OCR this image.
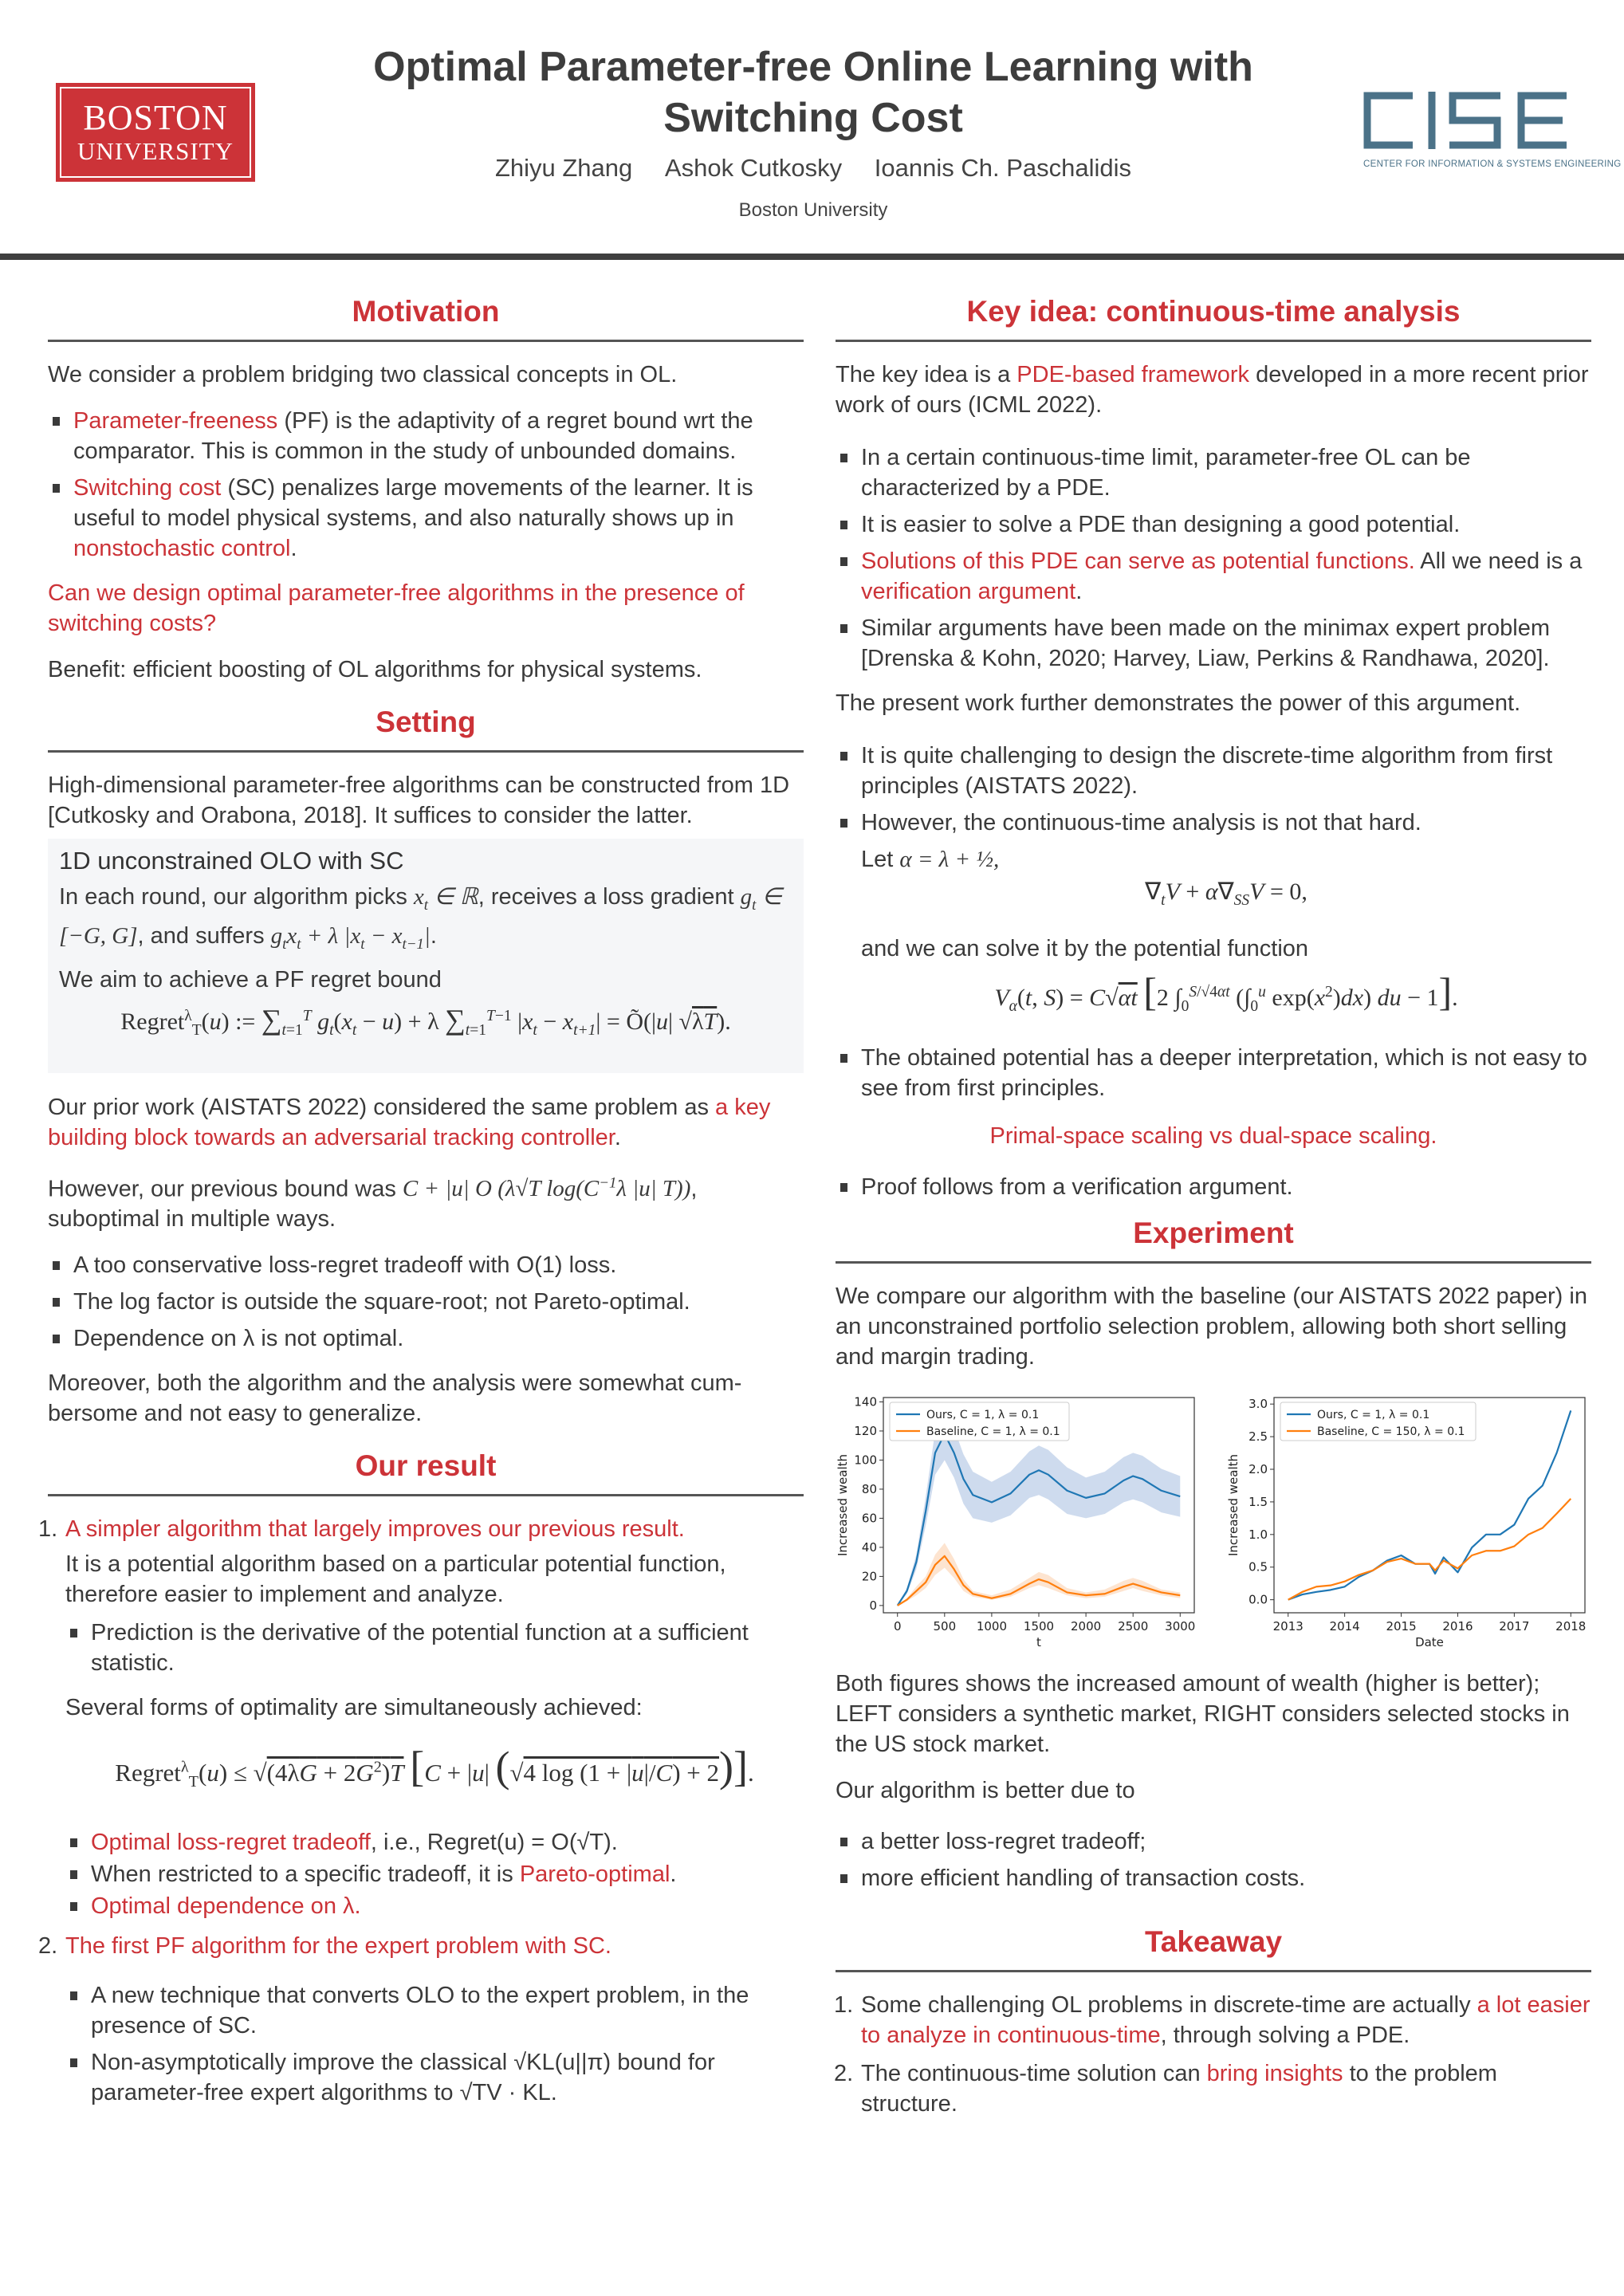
BOSTON
UNIVERSITY
Optimal Parameter-free Online Learning with
Switching Cost
Zhiyu Zhang Ashok Cutkosky Ioannis Ch. Paschalidis
Boston University
CENTER FOR INFORMATION & SYSTEMS ENGINEERING
Motivation

We consider a problem bridging two classical concepts in OL.

Parameter-freeness (PF) is the adaptivity of a regret bound wrt the comparator. This is common in the study of unbounded domains.
Switching cost (SC) penalizes large movements of the learner. It is useful to model physical systems, and also naturally shows up in nonstochastic control.

Can we design optimal parameter-free algorithms in the presence of switching costs?

Benefit: efficient boosting of OL algorithms for physical systems.

Setting

High-dimensional parameter-free algorithms can be constructed from 1D [Cutkosky and Orabona, 2018]. It suffices to consider the latter.

1D unconstrained OLO with SC

In each round, our algorithm picks $x_t$ ∈ ℝ, receives a loss gradient $g_t$ ∈ [−G, G], and suffers $g_tx_t + \lambda$ $|x_t - x_{t-1}|$.

We aim to achieve a PF regret bound

Regret$^\lambda_T$(u) := $\sum_{t=1}^T$ $g_t(x_t - u) + \lambda$ $\sum_{t=1}^{T-1}$ $|x_t - x_{t+1}|$ = Õ(|u| √λT).

Our prior work (AISTATS 2022) considered the same problem as a key building block towards an adversarial tracking controller.

However, our previous bound was C + |u| O (λ√T $\log(C^{-1}\lambda$ |u| T)), suboptimal in multiple ways.

A too conservative loss-regret tradeoff with O(1) loss.
The log factor is outside the square-root; not Pareto-optimal.
Dependence on λ is not optimal.

Moreover, both the algorithm and the analysis were somewhat cum-bersome and not easy to generalize.

Our result
1. A simpler algorithm that largely improves our previous result.

It is a potential algorithm based on a particular potential function, therefore easier to implement and analyze.

Prediction is the derivative of the potential function at a sufficient statistic.

Several forms of optimality are simultaneously achieved:

Regret$^\lambda_T$(u) ≤ $√(4\lambda G + 2G^2)T$ [C + |u| (√4 log (1 + |u|/C) + 2)].
Optimal loss-regret tradeoff, i.e., Regret(u) = O(√T).
When restricted to a specific tradeoff, it is Pareto-optimal.
Optimal dependence on λ.
2. The first PF algorithm for the expert problem with SC.
A new technique that converts OLO to the expert problem, in the presence of SC.
Non-asymptotically improve the classical √KL(u||π) bound for parameter-free expert algorithms to √TV · KL.
Key idea: continuous-time analysis

The key idea is a PDE-based framework developed in a more recent prior work of ours (ICML 2022).

In a certain continuous-time limit, parameter-free OL can be characterized by a PDE.
It is easier to solve a PDE than designing a good potential.
Solutions of this PDE can serve as potential functions. All we need is a verification argument.
Similar arguments have been made on the minimax expert problem [Drenska & Kohn, 2020; Harvey, Liaw, Perkins & Randhawa, 2020].

The present work further demonstrates the power of this argument.

It is quite challenging to design the discrete-time algorithm from first principles (AISTATS 2022).
However, the continuous-time analysis is not that hard.

Let α = λ + ½,

$\nabla_tV + \alpha\nabla_{SS}V = 0$,

and we can solve it by the potential function

$V_\alpha(t$, S) = C√αt [2 $\int_0^{S/√4\alpha t}$ ($\int_0^u$ $\exp(x^2)dx$) du − 1].
The obtained potential has a deeper interpretation, which is not easy to see from first principles.

Primal-space scaling vs dual-space scaling.

Proof follows from a verification argument.
Experiment

We compare our algorithm with the baseline (our AISTATS 2022 paper) in an unconstrained portfolio selection problem, allowing both short selling and margin trading.

0	500 1000 1500 2000 2500 3000
0
20
40
60
80
100
120
140
t
Increased wealth
Ours, C = 1, λ = 0.1
Baseline, C = 1, λ = 0.1
2013 2014 2015 2016 2017 2018
0.0
0.5
1.0
1.5
2.0
2.5
3.0
Date
Increased wealth
Ours, C = 1, λ = 0.1
Baseline, C = 150, λ = 0.1

Both figures shows the increased amount of wealth (higher is better); LEFT considers a synthetic market, RIGHT considers selected stocks in the US stock market.

Our algorithm is better due to

a better loss-regret tradeoff;
more efficient handling of transaction costs.
Takeaway
1. Some challenging OL problems in discrete-time are actually a lot easier to analyze in continuous-time, through solving a PDE.
2. The continuous-time solution can bring insights to the problem structure.
